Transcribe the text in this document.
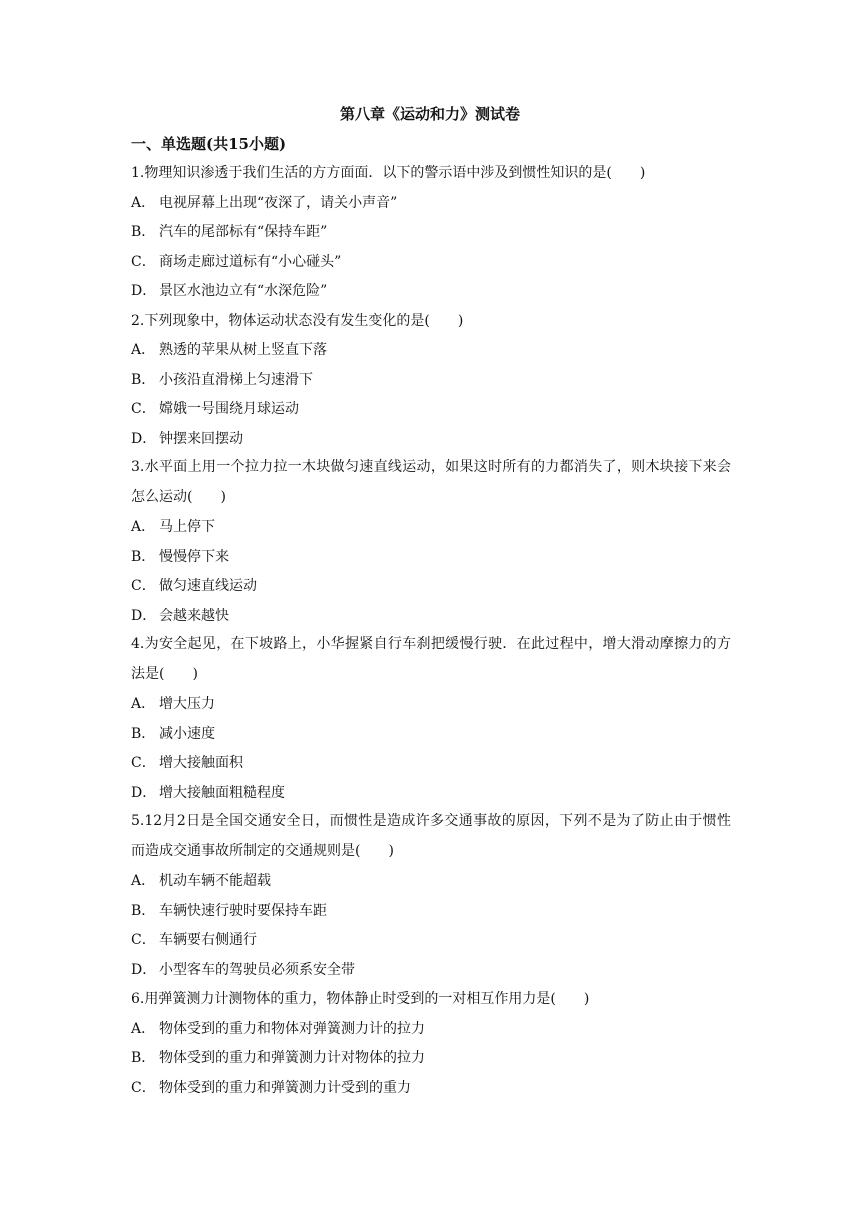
第八章《运动和力》测试卷
一、单选题(共15小题)
1.物理知识渗透于我们生活的方方面面．以下的警示语中涉及到惯性知识的是(　　)
A． 电视屏幕上出现“夜深了，请关小声音”
B． 汽车的尾部标有“保持车距”
C． 商场走廊过道标有“小心碰头”
D． 景区水池边立有“水深危险”
2.下列现象中，物体运动状态没有发生变化的是(　　)
A． 熟透的苹果从树上竖直下落
B． 小孩沿直滑梯上匀速滑下
C． 嫦娥一号围绕月球运动
D． 钟摆来回摆动
3.水平面上用一个拉力拉一木块做匀速直线运动，如果这时所有的力都消失了，则木块接下来会怎么运动(　　)
A． 马上停下
B． 慢慢停下来
C． 做匀速直线运动
D． 会越来越快
4.为安全起见，在下坡路上，小华握紧自行车刹把缓慢行驶．在此过程中，增大滑动摩擦力的方法是(　　)
A． 增大压力
B． 减小速度
C． 增大接触面积
D． 增大接触面粗糙程度
5.12月2日是全国交通安全日，而惯性是造成许多交通事故的原因，下列不是为了防止由于惯性而造成交通事故所制定的交通规则是(　　)
A． 机动车辆不能超载
B． 车辆快速行驶时要保持车距
C． 车辆要右侧通行
D． 小型客车的驾驶员必须系安全带
6.用弹簧测力计测物体的重力，物体静止时受到的一对相互作用力是(　　)
A． 物体受到的重力和物体对弹簧测力计的拉力
B． 物体受到的重力和弹簧测力计对物体的拉力
C． 物体受到的重力和弹簧测力计受到的重力
